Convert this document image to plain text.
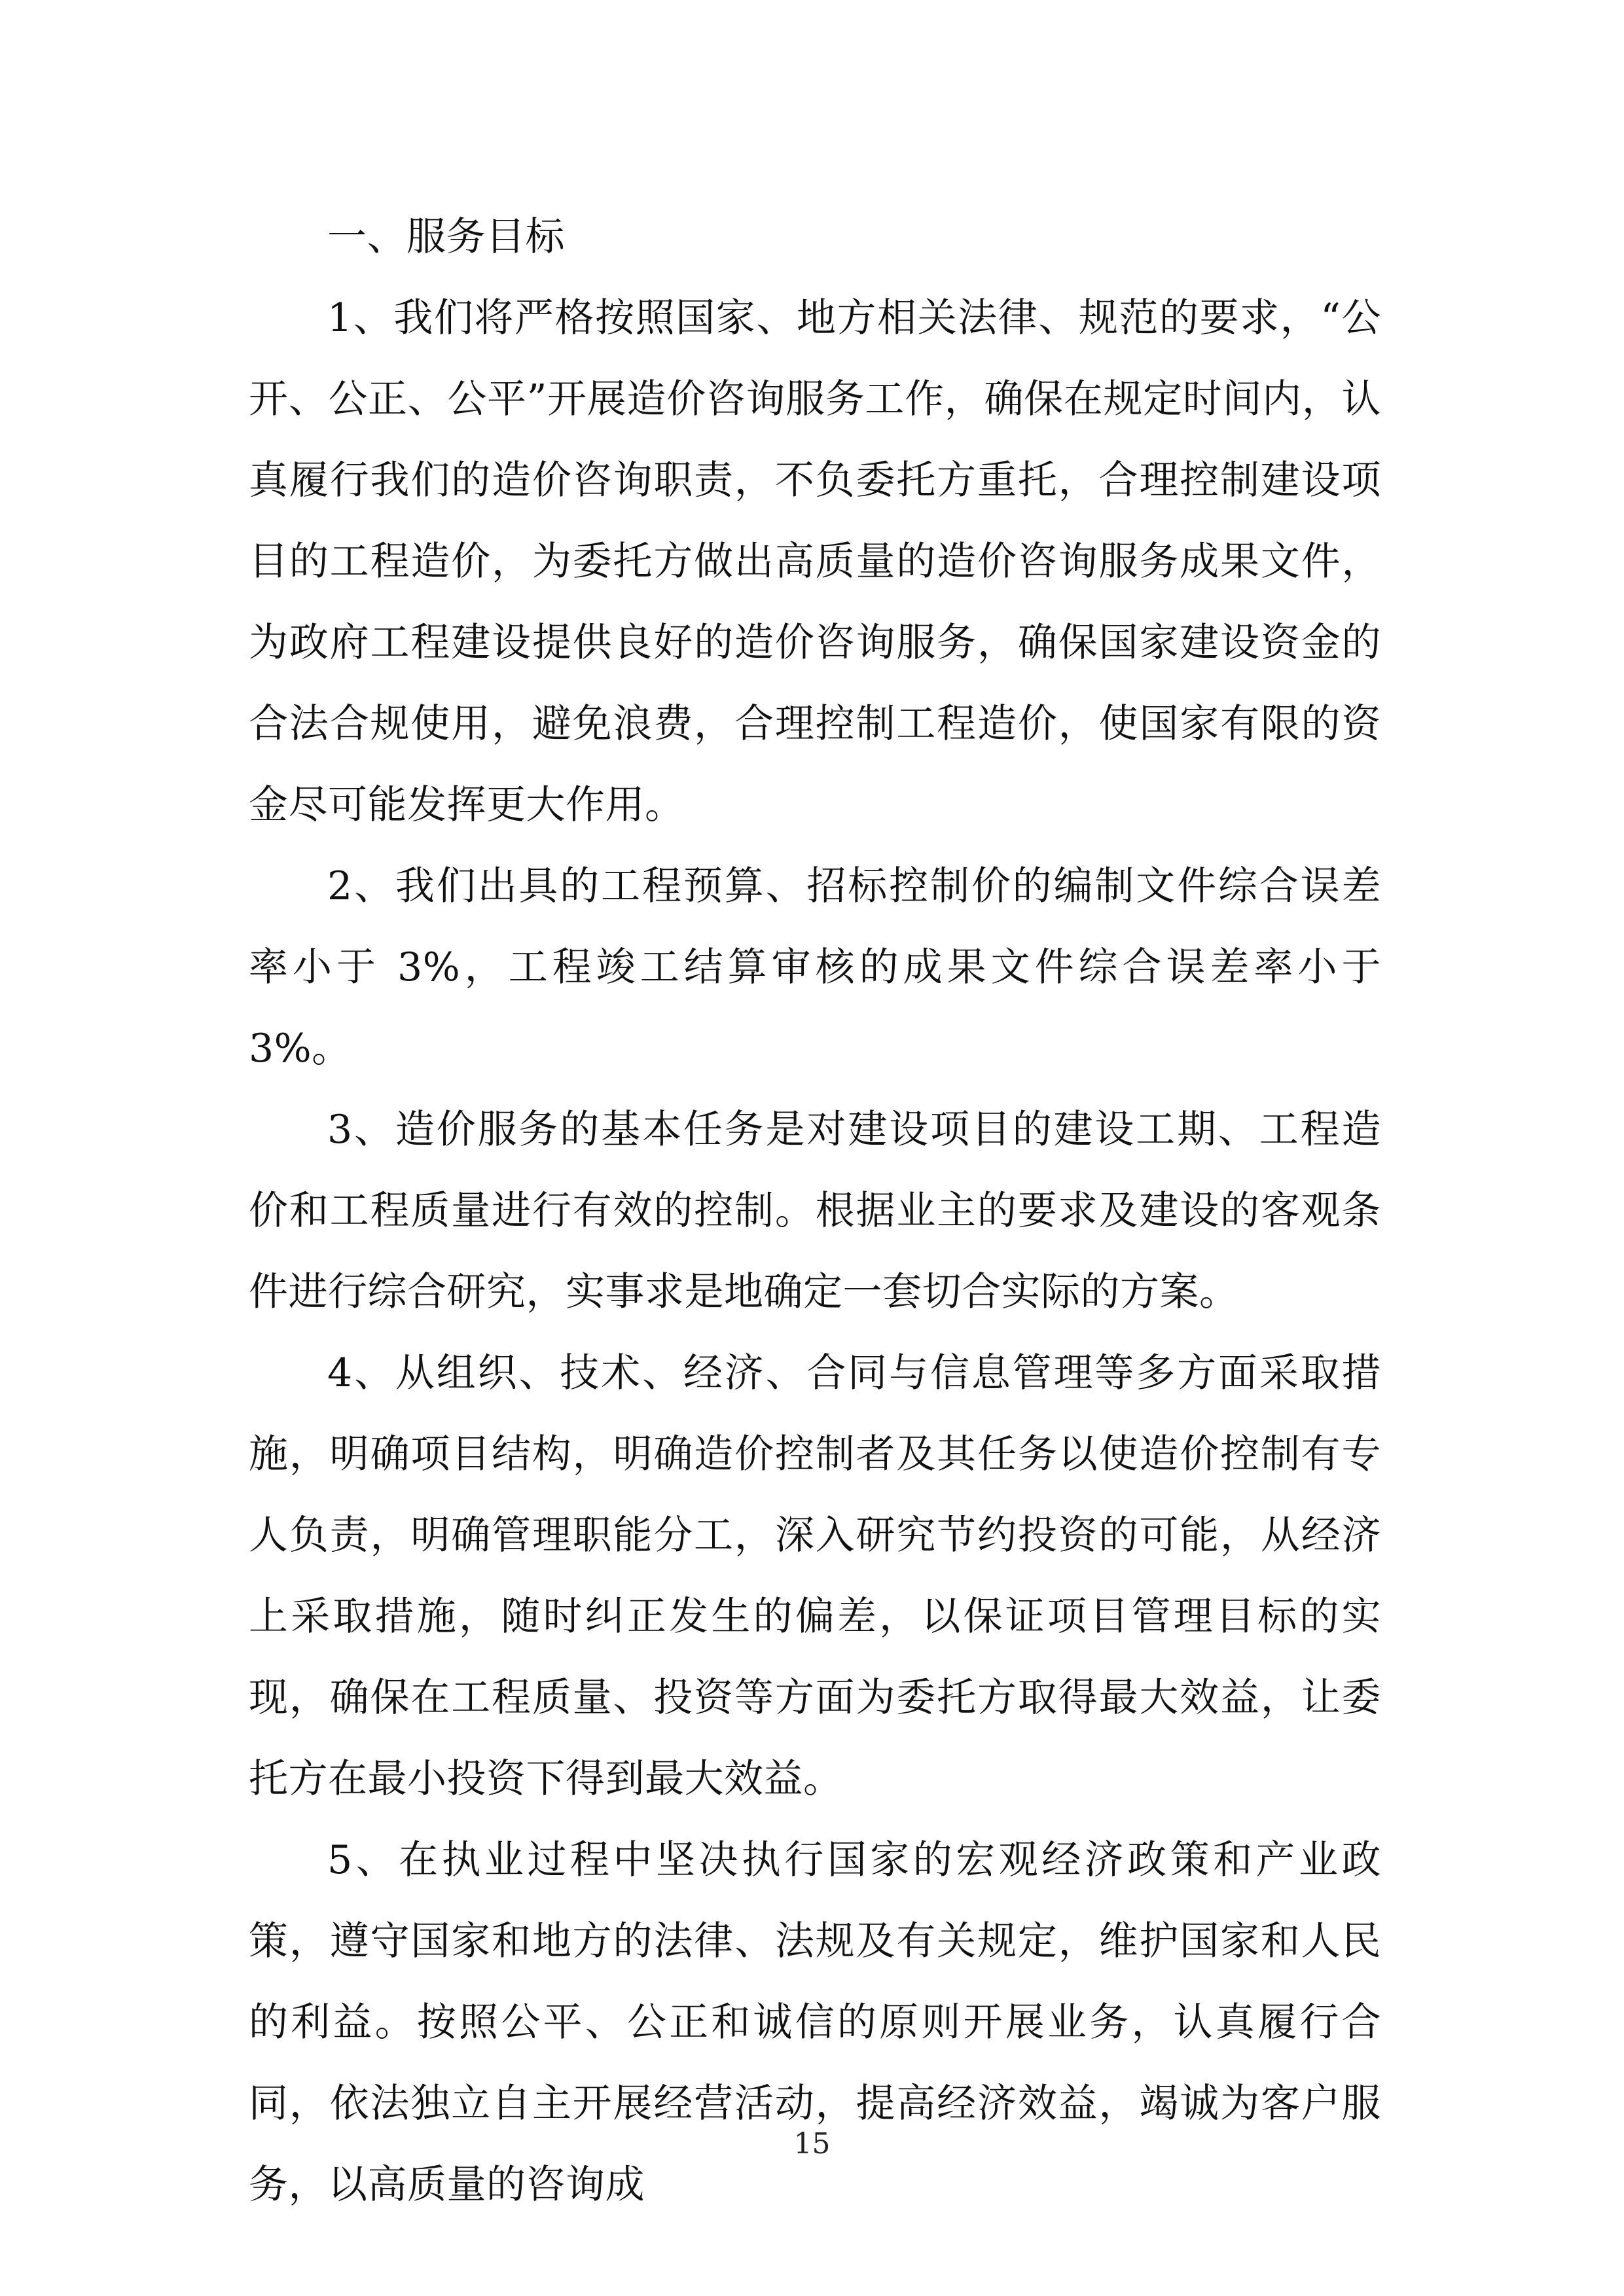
一、服务目标

1、我们将严格按照国家、地方相关法律、规范的要求，“公开、公正、公平”开展造价咨询服务工作，确保在规定时间内，认真履行我们的造价咨询职责，不负委托方重托，合理控制建设项目的工程造价，为委托方做出高质量的造价咨询服务成果文件，为政府工程建设提供良好的造价咨询服务，确保国家建设资金的合法合规使用，避免浪费，合理控制工程造价，使国家有限的资金尽可能发挥更大作用。

2、我们出具的工程预算、招标控制价的编制文件综合误差率小于 3%，工程竣工结算审核的成果文件综合误差率小于 3%。

3、造价服务的基本任务是对建设项目的建设工期、工程造价和工程质量进行有效的控制。根据业主的要求及建设的客观条件进行综合研究，实事求是地确定一套切合实际的方案。

4、从组织、技术、经济、合同与信息管理等多方面采取措施，明确项目结构，明确造价控制者及其任务以使造价控制有专人负责，明确管理职能分工，深入研究节约投资的可能，从经济上采取措施，随时纠正发生的偏差，以保证项目管理目标的实现，确保在工程质量、投资等方面为委托方取得最大效益，让委托方在最小投资下得到最大效益。

5、在执业过程中坚决执行国家的宏观经济政策和产业政策，遵守国家和地方的法律、法规及有关规定，维护国家和人民的利益。按照公平、公正和诚信的原则开展业务，认真履行合同，依法独立自主开展经营活动，提高经济效益，竭诚为客户服务，以高质量的咨询成

15
